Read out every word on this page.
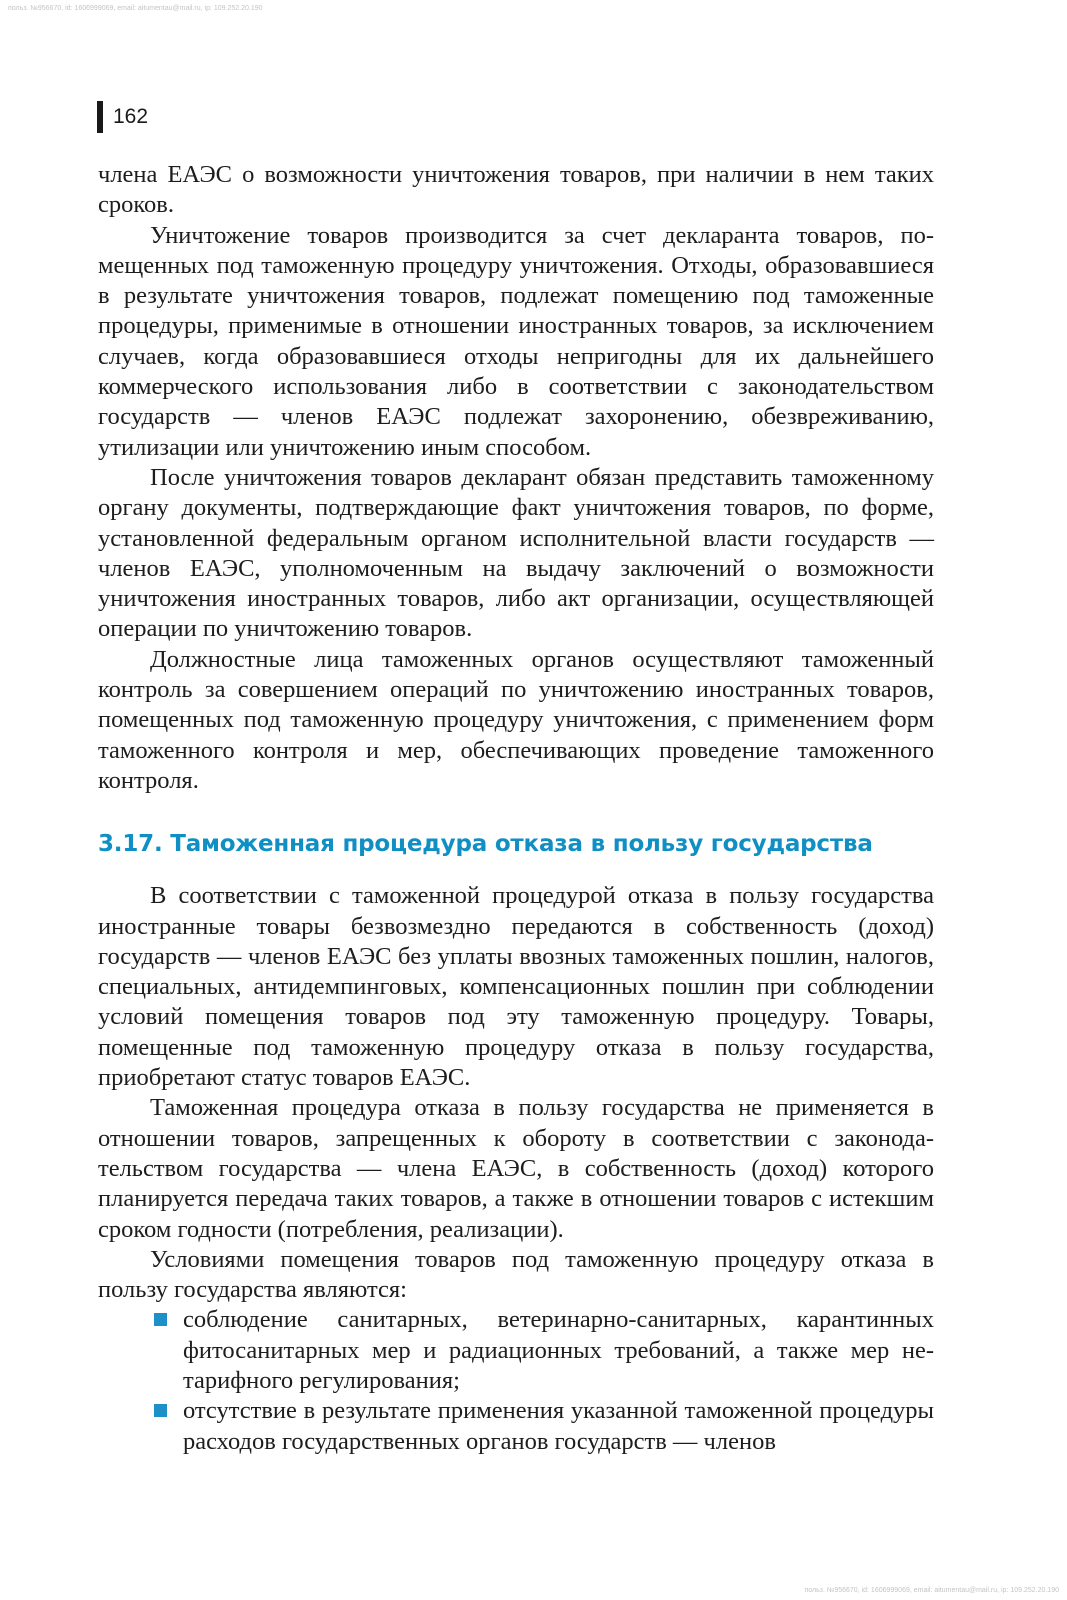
польз. №956670, id: 1606999069, email: aitumentau@mail.ru, ip: 109.252.20.190
162

члена ЕАЭС о возможности уничтожения товаров, при наличии в нем таких сроков.

Уничтожение товаров производится за счет декларанта товаров, помещенных под таможенную процедуру уничтожения. Отходы, образовавшиеся в результате уничтожения товаров, подлежат помещению под таможенные процедуры, применимые в отношении иностранных товаров, за исключением случаев, когда образовавшиеся отходы непригодны для их дальнейшего коммерческого использования либо в соответствии с законодательством государств — членов ЕАЭС подлежат захоронению, обезвреживанию, утилизации или уничтожению иным способом.

После уничтожения товаров декларант обязан представить таможенному органу документы, подтверждающие факт уничтожения товаров, по форме, установленной федеральным органом исполнительной власти государств — членов ЕАЭС, уполномоченным на выдачу заключений о возможности уничтожения иностранных товаров, либо акт организации, осуществляющей операции по уничтожению товаров.

Должностные лица таможенных органов осуществляют таможенный контроль за совершением операций по уничтожению иностранных товаров, помещенных под таможенную процедуру уничтожения, с применением форм таможенного контроля и мер, обеспечивающих проведение таможенного контроля.

3.17. Таможенная процедура отказа в пользу государства

В соответствии с таможенной процедурой отказа в пользу государства иностранные товары безвозмездно передаются в собственность (доход) государств — членов ЕАЭС без уплаты ввозных таможенных пошлин, налогов, специальных, антидемпинговых, компенсационных пошлин при соблюдении условий помещения товаров под эту таможенную процедуру. Товары, помещенные под таможенную процедуру отказа в пользу государства, приобретают статус товаров ЕАЭС.

Таможенная процедура отказа в пользу государства не применяется в отношении товаров, запрещенных к обороту в соответствии с законодательством государства — члена ЕАЭС, в собственность (доход) которого планируется передача таких товаров, а также в отношении товаров с истекшим сроком годности (потребления, реализации).

Условиями помещения товаров под таможенную процедуру отказа в пользу государства являются:

соблюдение санитарных, ветеринарно-санитарных, карантинных фитосанитарных мер и радиационных требований, а также мер нетарифного регулирования;
отсутствие в результате применения указанной таможенной процедуры расходов государственных органов государств — членов
польз. №956670, id: 1606999069, email: aitumentau@mail.ru, ip: 109.252.20.190
